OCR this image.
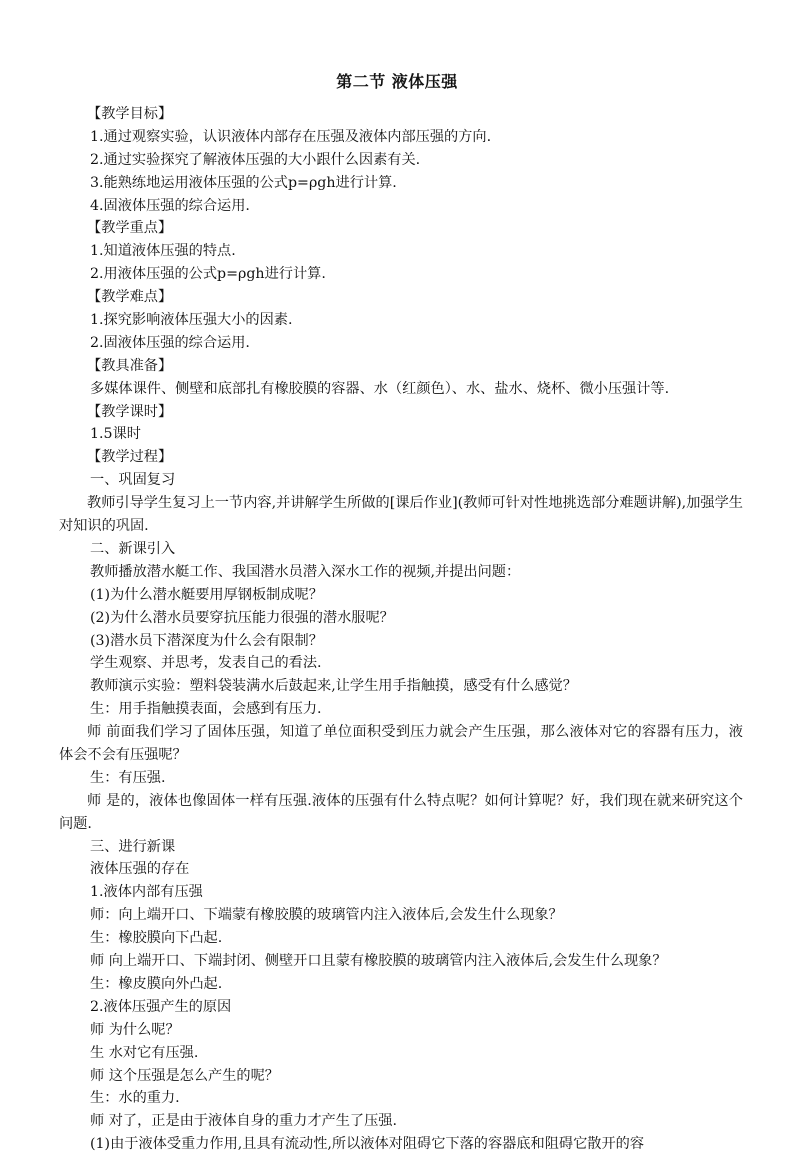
第二节 液体压强
【教学目标】
1.通过观察实验，认识液体内部存在压强及液体内部压强的方向.
2.通过实验探究了解液体压强的大小跟什么因素有关.
3.能熟练地运用液体压强的公式p=ρgh进行计算.
4.固液体压强的综合运用.
【教学重点】
1.知道液体压强的特点.
2.用液体压强的公式p=ρgh进行计算.
【教学难点】
1.探究影响液体压强大小的因素.
2.固液体压强的综合运用.
【教具准备】
多媒体课件、侧壁和底部扎有橡胶膜的容器、水（红颜色）、水、盐水、烧杯、微小压强计等.
【教学课时】
1.5课时
【教学过程】
一、巩固复习
教师引导学生复习上一节内容,并讲解学生所做的[课后作业](教师可针对性地挑选部分难题讲解),加强学生对知识的巩固.
二、新课引入
教师播放潜水艇工作、我国潜水员潜入深水工作的视频,并提出问题：
(1)为什么潜水艇要用厚钢板制成呢？
(2)为什么潜水员要穿抗压能力很强的潜水服呢？
(3)潜水员下潜深度为什么会有限制？
学生观察、并思考，发表自己的看法.
教师演示实验：塑料袋装满水后鼓起来,让学生用手指触摸，感受有什么感觉？
生：用手指触摸表面，会感到有压力.
师 前面我们学习了固体压强，知道了单位面积受到压力就会产生压强，那么液体对它的容器有压力，液体会不会有压强呢？
生：有压强.
师 是的，液体也像固体一样有压强.液体的压强有什么特点呢？如何计算呢？好，我们现在就来研究这个问题.
三、进行新课
液体压强的存在
1.液体内部有压强
师：向上端开口、下端蒙有橡胶膜的玻璃管内注入液体后,会发生什么现象？
生：橡胶膜向下凸起.
师 向上端开口、下端封闭、侧壁开口且蒙有橡胶膜的玻璃管内注入液体后,会发生什么现象？
生：橡皮膜向外凸起.
2.液体压强产生的原因
师 为什么呢？
生 水对它有压强.
师 这个压强是怎么产生的呢？
生：水的重力.
师 对了，正是由于液体自身的重力才产生了压强.
(1)由于液体受重力作用,且具有流动性,所以液体对阻碍它下落的容器底和阻碍它散开的容
